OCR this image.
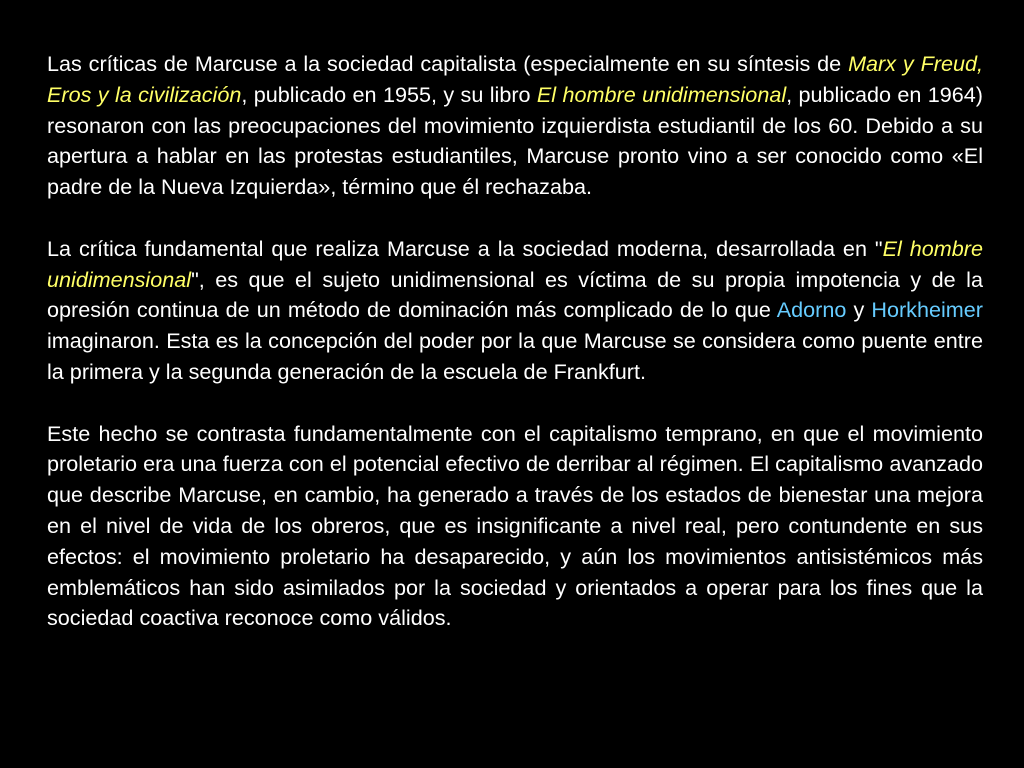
Las críticas de Marcuse a la sociedad capitalista (especialmente en su síntesis de Marx y Freud, Eros y la civilización, publicado en 1955, y su libro El hombre unidimensional, publicado en 1964) resonaron con las preocupaciones del movimiento izquierdista estudiantil de los 60. Debido a su apertura a hablar en las protestas estudiantiles, Marcuse pronto vino a ser conocido como «El padre de la Nueva Izquierda», término que él rechazaba.

La crítica fundamental que realiza Marcuse a la sociedad moderna, desarrollada en "El hombre unidimensional", es que el sujeto unidimensional es víctima de su propia impotencia y de la opresión continua de un método de dominación más complicado de lo que Adorno y Horkheimer imaginaron. Esta es la concepción del poder por la que Marcuse se considera como puente entre la primera y la segunda generación de la escuela de Frankfurt.

Este hecho se contrasta fundamentalmente con el capitalismo temprano, en que el movimiento proletario era una fuerza con el potencial efectivo de derribar al régimen. El capitalismo avanzado que describe Marcuse, en cambio, ha generado a través de los estados de bienestar una mejora en el nivel de vida de los obreros, que es insignificante a nivel real, pero contundente en sus efectos: el movimiento proletario ha desaparecido, y aún los movimientos antisistémicos más emblemáticos han sido asimilados por la sociedad y orientados a operar para los fines que la sociedad coactiva reconoce como válidos.
